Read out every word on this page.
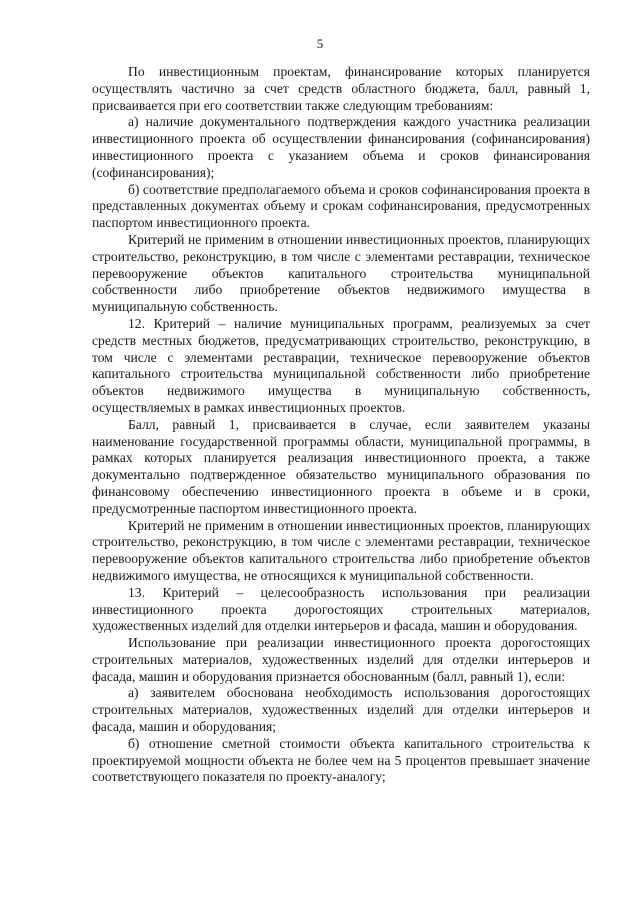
5

По инвестиционным проектам, финансирование которых планируется осуществлять частично за счет средств областного бюджета, балл, равный 1, присваивается при его соответствии также следующим требованиям:

а) наличие документального подтверждения каждого участника реализации инвестиционного проекта об осуществлении финансирования (софинансирования) инвестиционного проекта с указанием объема и сроков финансирования (софинансирования);

б) соответствие предполагаемого объема и сроков софинансирования проекта в представленных документах объему и срокам софинансирования, предусмотренных паспортом инвестиционного проекта.

Критерий не применим в отношении инвестиционных проектов, планирующих строительство, реконструкцию, в том числе с элементами реставрации, техническое перевооружение объектов капитального строительства муниципальной собственности либо приобретение объектов недвижимого имущества в муниципальную собственность.

12. Критерий – наличие муниципальных программ, реализуемых за счет средств местных бюджетов, предусматривающих строительство, реконструкцию, в том числе с элементами реставрации, техническое перевооружение объектов капитального строительства муниципальной собственности либо приобретение объектов недвижимого имущества в муниципальную собственность, осуществляемых в рамках инвестиционных проектов.

Балл, равный 1, присваивается в случае, если заявителем указаны наименование государственной программы области, муниципальной программы, в рамках которых планируется реализация инвестиционного проекта, а также документально подтвержденное обязательство муниципального образования по финансовому обеспечению инвестиционного проекта в объеме и в сроки, предусмотренные паспортом инвестиционного проекта.

Критерий не применим в отношении инвестиционных проектов, планирующих строительство, реконструкцию, в том числе с элементами реставрации, техническое перевооружение объектов капитального строительства либо приобретение объектов недвижимого имущества, не относящихся к муниципальной собственности.

13. Критерий – целесообразность использования при реализации инвестиционного проекта дорогостоящих строительных материалов, художественных изделий для отделки интерьеров и фасада, машин и оборудования.

Использование при реализации инвестиционного проекта дорогостоящих строительных материалов, художественных изделий для отделки интерьеров и фасада, машин и оборудования признается обоснованным (балл, равный 1), если:

а) заявителем обоснована необходимость использования дорогостоящих строительных материалов, художественных изделий для отделки интерьеров и фасада, машин и оборудования;

б) отношение сметной стоимости объекта капитального строительства к проектируемой мощности объекта не более чем на 5 процентов превышает значение соответствующего показателя по проекту-аналогу;
